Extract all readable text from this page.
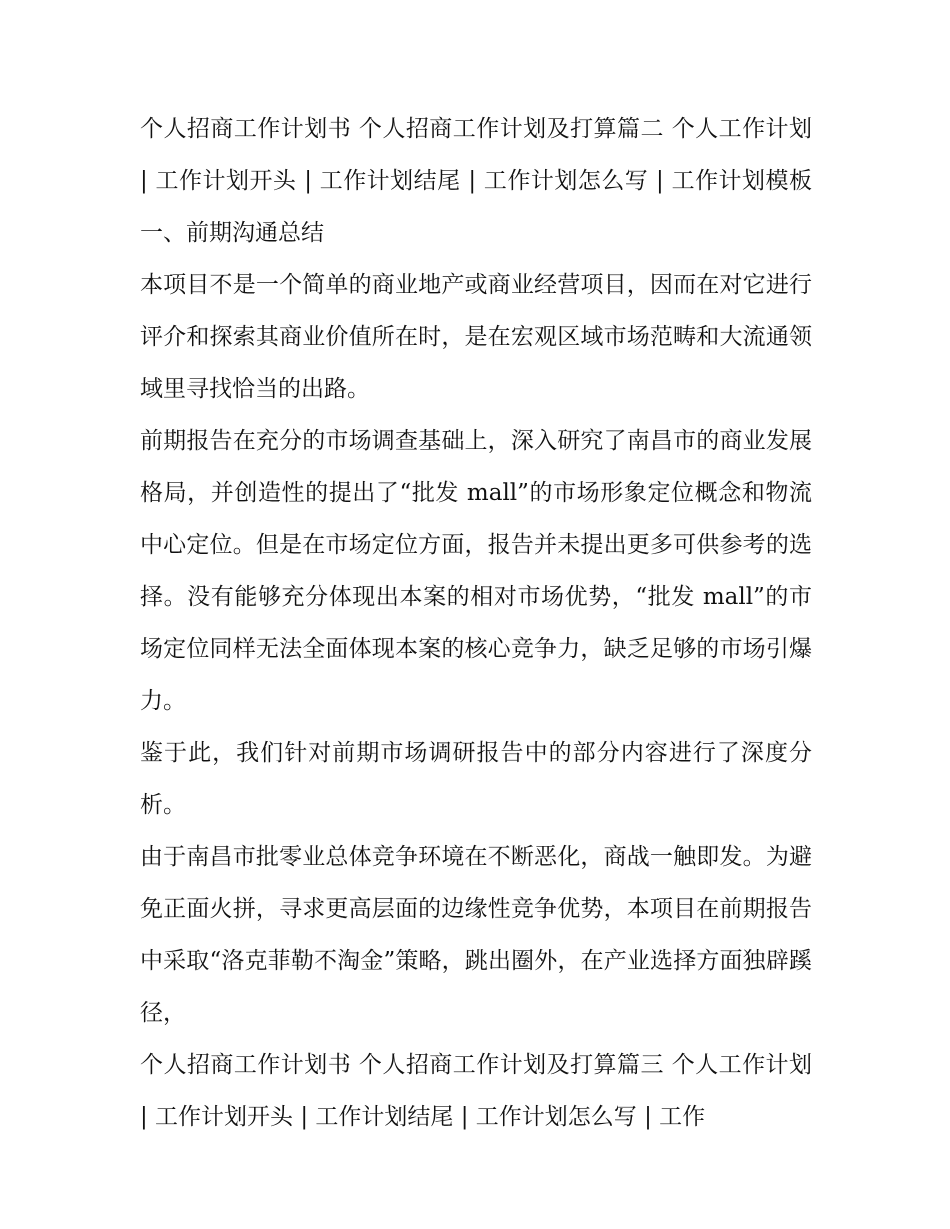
个人招商工作计划书 个人招商工作计划及打算篇二 个人工作计划 | 工作计划开头 | 工作计划结尾 | 工作计划怎么写 | 工作计划模板 一、前期沟通总结

本项目不是一个简单的商业地产或商业经营项目，因而在对它进行评介和探索其商业价值所在时，是在宏观区域市场范畴和大流通领域里寻找恰当的出路。

前期报告在充分的市场调查基础上，深入研究了南昌市的商业发展格局，并创造性的提出了“批发 mall”的市场形象定位概念和物流中心定位。但是在市场定位方面，报告并未提出更多可供参考的选择。没有能够充分体现出本案的相对市场优势，“批发 mall”的市场定位同样无法全面体现本案的核心竞争力，缺乏足够的市场引爆力。

鉴于此，我们针对前期市场调研报告中的部分内容进行了深度分析。

由于南昌市批零业总体竞争环境在不断恶化，商战一触即发。为避免正面火拼，寻求更高层面的边缘性竞争优势，本项目在前期报告中采取“洛克菲勒不淘金”策略，跳出圈外，在产业选择方面独辟蹊径，

个人招商工作计划书 个人招商工作计划及打算篇三 个人工作计划 | 工作计划开头 | 工作计划结尾 | 工作计划怎么写 | 工作
